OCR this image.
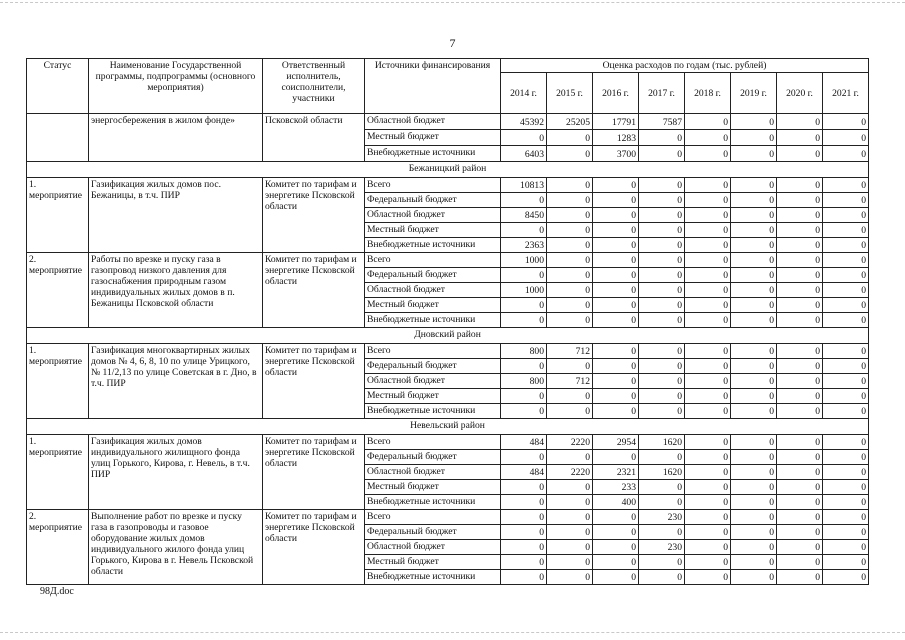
7
Статус	Наименование Государственной программы, подпрограммы (основного мероприятия)	Ответственный исполнитель, соисполнители, участники	Источники финансирования	Оценка расходов по годам (тыс. рублей)							
				2014 г.	2015 г.	2016 г.	2017 г.	2018 г.	2019 г.	2020 г.	2021 г.
	энергосбережения в жилом фонде»	Псковской области	Областной бюджет	45392	25205	17791	7587	0	0	0	0
			Местный бюджет	0	0	1283	0	0	0	0	0
			Внебюджетные источники	6403	0	3700	0	0	0	0	0
Бежаницкий район											
1. мероприятие	Газификация жилых домов пос. Бежаницы, в т.ч. ПИР	Комитет по тарифам и энергетике Псковской области	Всего	10813	0	0	0	0	0	0	0
			Федеральный бюджет	0	0	0	0	0	0	0	0
			Областной бюджет	8450	0	0	0	0	0	0	0
			Местный бюджет	0	0	0	0	0	0	0	0
			Внебюджетные источники	2363	0	0	0	0	0	0	0
2. мероприятие	Работы по врезке и пуску газа в газопровод низкого давления для газоснабжения природным газом индивидуальных жилых домов в п. Бежаницы Псковской области	Комитет по тарифам и энергетике Псковской области	Всего	1000	0	0	0	0	0	0	0
			Федеральный бюджет	0	0	0	0	0	0	0	0
			Областной бюджет	1000	0	0	0	0	0	0	0
			Местный бюджет	0	0	0	0	0	0	0	0
			Внебюджетные источники	0	0	0	0	0	0	0	0
Дновский район											
1. мероприятие	Газификация многоквартирных жилых домов № 4, 6, 8, 10 по улице Урицкого, № 11/2,13 по улице Советская в г. Дно, в т.ч. ПИР	Комитет по тарифам и энергетике Псковской области	Всего	800	712	0	0	0	0	0	0
			Федеральный бюджет	0	0	0	0	0	0	0	0
			Областной бюджет	800	712	0	0	0	0	0	0
			Местный бюджет	0	0	0	0	0	0	0	0
			Внебюджетные источники	0	0	0	0	0	0	0	0
Невельский район											
1. мероприятие	Газификация жилых домов индивидуального жилищного фонда улиц Горького, Кирова, г. Невель, в т.ч. ПИР	Комитет по тарифам и энергетике Псковской области	Всего	484	2220	2954	1620	0	0	0	0
			Федеральный бюджет	0	0	0	0	0	0	0	0
			Областной бюджет	484	2220	2321	1620	0	0	0	0
			Местный бюджет	0	0	233	0	0	0	0	0
			Внебюджетные источники	0	0	400	0	0	0	0	0
2. мероприятие	Выполнение работ по врезке и пуску газа в газопроводы и газовое оборудование жилых домов индивидуального жилого фонда улиц Горького, Кирова в г. Невель Псковской области	Комитет по тарифам и энергетике Псковской области	Всего	0	0	0	230	0	0	0	0
			Федеральный бюджет	0	0	0	0	0	0	0	0
			Областной бюджет	0	0	0	230	0	0	0	0
			Местный бюджет	0	0	0	0	0	0	0	0
			Внебюджетные источники	0	0	0	0	0	0	0	0
98Д.doc
